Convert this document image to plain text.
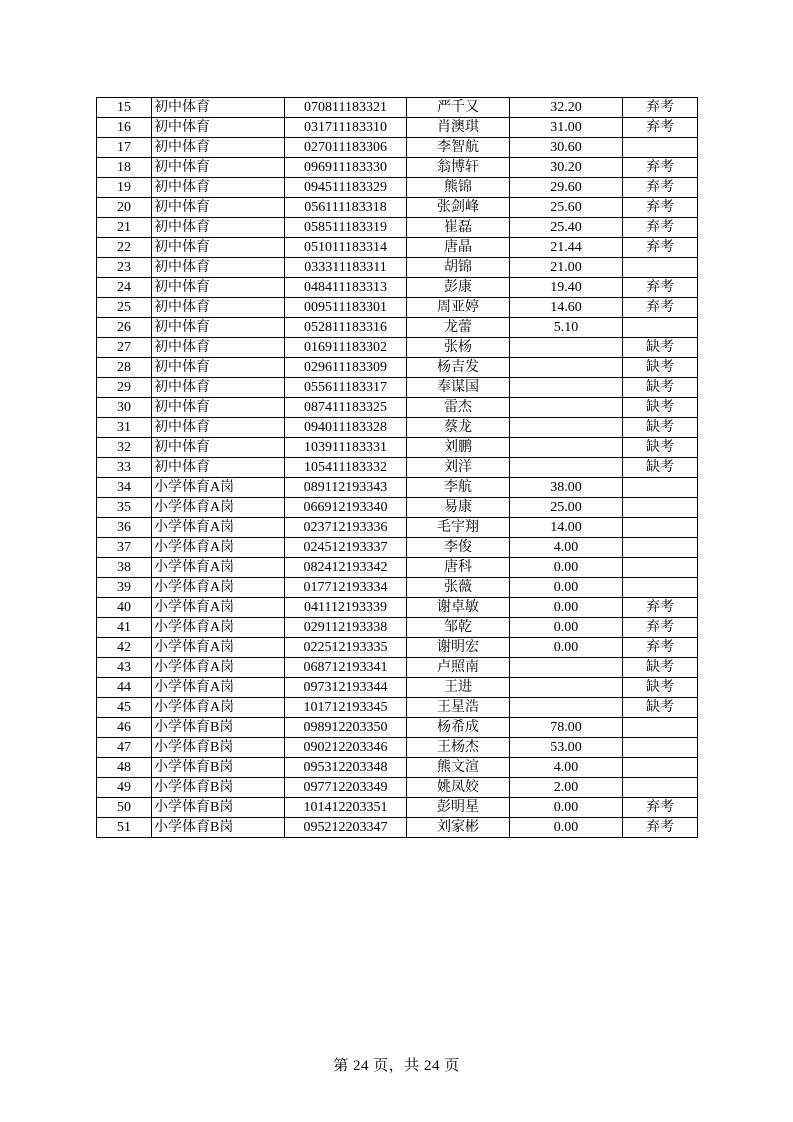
15	初中体育	070811183321	严千又	32.20	弃考
16	初中体育	031711183310	肖澳琪	31.00	弃考
17	初中体育	027011183306	李智航	30.60	
18	初中体育	096911183330	翁博轩	30.20	弃考
19	初中体育	094511183329	熊锦	29.60	弃考
20	初中体育	056111183318	张剑峰	25.60	弃考
21	初中体育	058511183319	崔磊	25.40	弃考
22	初中体育	051011183314	唐晶	21.44	弃考
23	初中体育	033311183311	胡锦	21.00	
24	初中体育	048411183313	彭康	19.40	弃考
25	初中体育	009511183301	周亚婷	14.60	弃考
26	初中体育	052811183316	龙蕾	5.10	
27	初中体育	016911183302	张杨		缺考
28	初中体育	029611183309	杨吉发		缺考
29	初中体育	055611183317	奉谋国		缺考
30	初中体育	087411183325	雷杰		缺考
31	初中体育	094011183328	蔡龙		缺考
32	初中体育	103911183331	刘鹏		缺考
33	初中体育	105411183332	刘洋		缺考
34	小学体育A岗	089112193343	李航	38.00	
35	小学体育A岗	066912193340	易康	25.00	
36	小学体育A岗	023712193336	毛宇翔	14.00	
37	小学体育A岗	024512193337	李俊	4.00	
38	小学体育A岗	082412193342	唐科	0.00	
39	小学体育A岗	017712193334	张薇	0.00	
40	小学体育A岗	041112193339	谢卓敏	0.00	弃考
41	小学体育A岗	029112193338	邹乾	0.00	弃考
42	小学体育A岗	022512193335	谢明宏	0.00	弃考
43	小学体育A岗	068712193341	卢照南		缺考
44	小学体育A岗	097312193344	王进		缺考
45	小学体育A岗	101712193345	王星浩		缺考
46	小学体育B岗	098912203350	杨希成	78.00	
47	小学体育B岗	090212203346	王杨杰	53.00	
48	小学体育B岗	095312203348	熊文渲	4.00	
49	小学体育B岗	097712203349	姚凤姣	2.00	
50	小学体育B岗	101412203351	彭明星	0.00	弃考
51	小学体育B岗	095212203347	刘家彬	0.00	弃考
第 24 页，共 24 页
